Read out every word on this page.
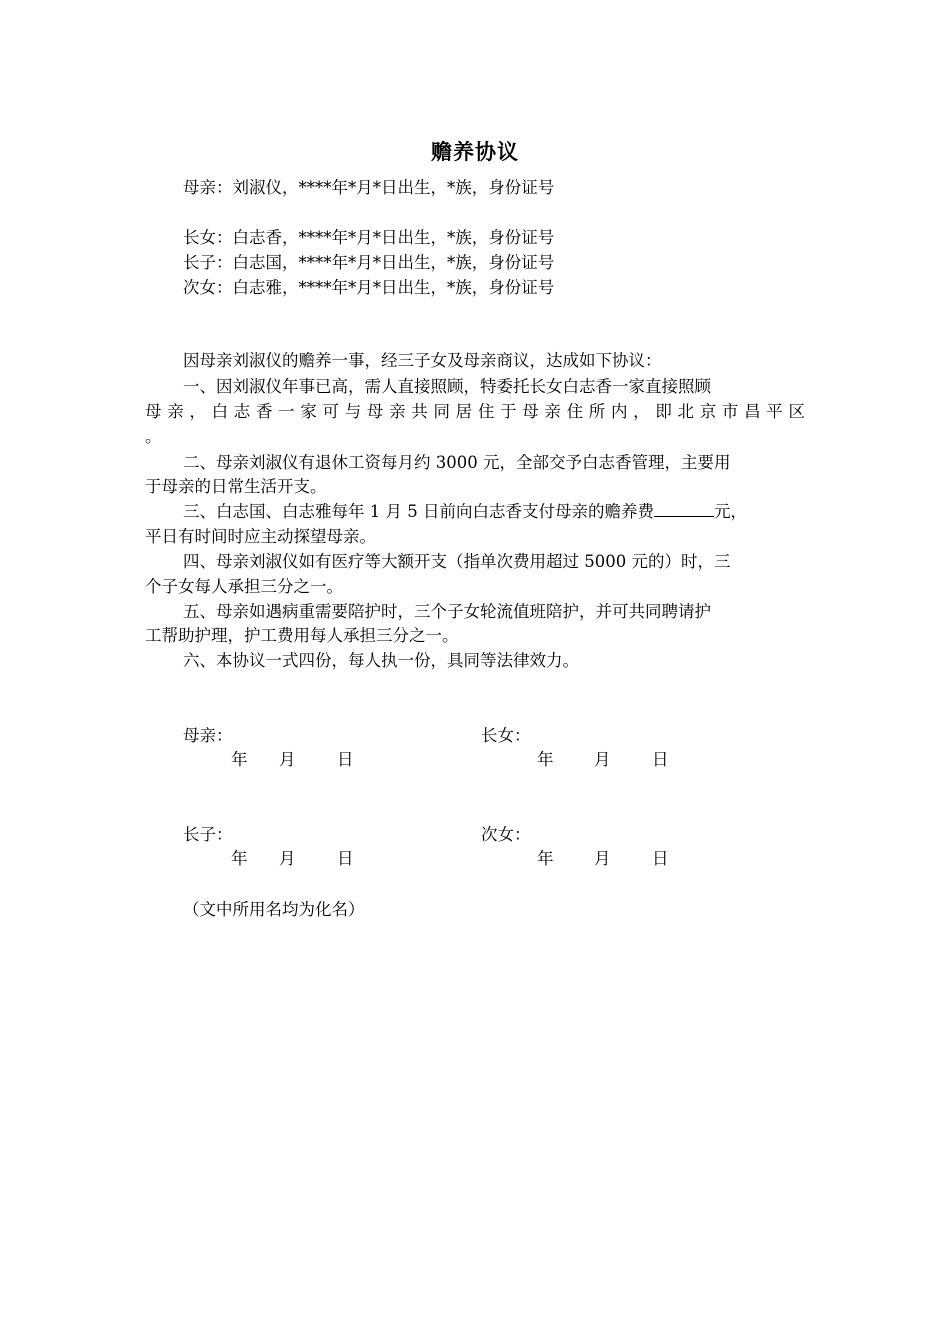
赡养协议
母亲：刘淑仪，****年*月*日出生，*族，身份证号
长女：白志香，****年*月*日出生，*族，身份证号
长子：白志国，****年*月*日出生，*族，身份证号
次女：白志雅，****年*月*日出生，*族，身份证号
因母亲刘淑仪的赡养一事，经三子女及母亲商议，达成如下协议：
一、因刘淑仪年事已高，需人直接照顾，特委托长女白志香一家直接照顾
母亲，白志香一家可与母亲共同居住于母亲住所内，即北京市昌平区
。
二、母亲刘淑仪有退休工资每月约 3000 元，全部交予白志香管理，主要用
于母亲的日常生活开支。
三、白志国、白志雅每年 1 月 5 日前向白志香支付母亲的赡养费	元，
平日有时间时应主动探望母亲。
四、母亲刘淑仪如有医疗等大额开支（指单次费用超过 5000 元的）时，三
个子女每人承担三分之一。
五、母亲如遇病重需要陪护时，三个子女轮流值班陪护，并可共同聘请护
工帮助护理，护工费用每人承担三分之一。
六、本协议一式四份，每人执一份，具同等法律效力。
母亲：	长女：
年 月	日	年 月	日
长子：	次女：
年 月	日	年 月	日
（文中所用名均为化名）
